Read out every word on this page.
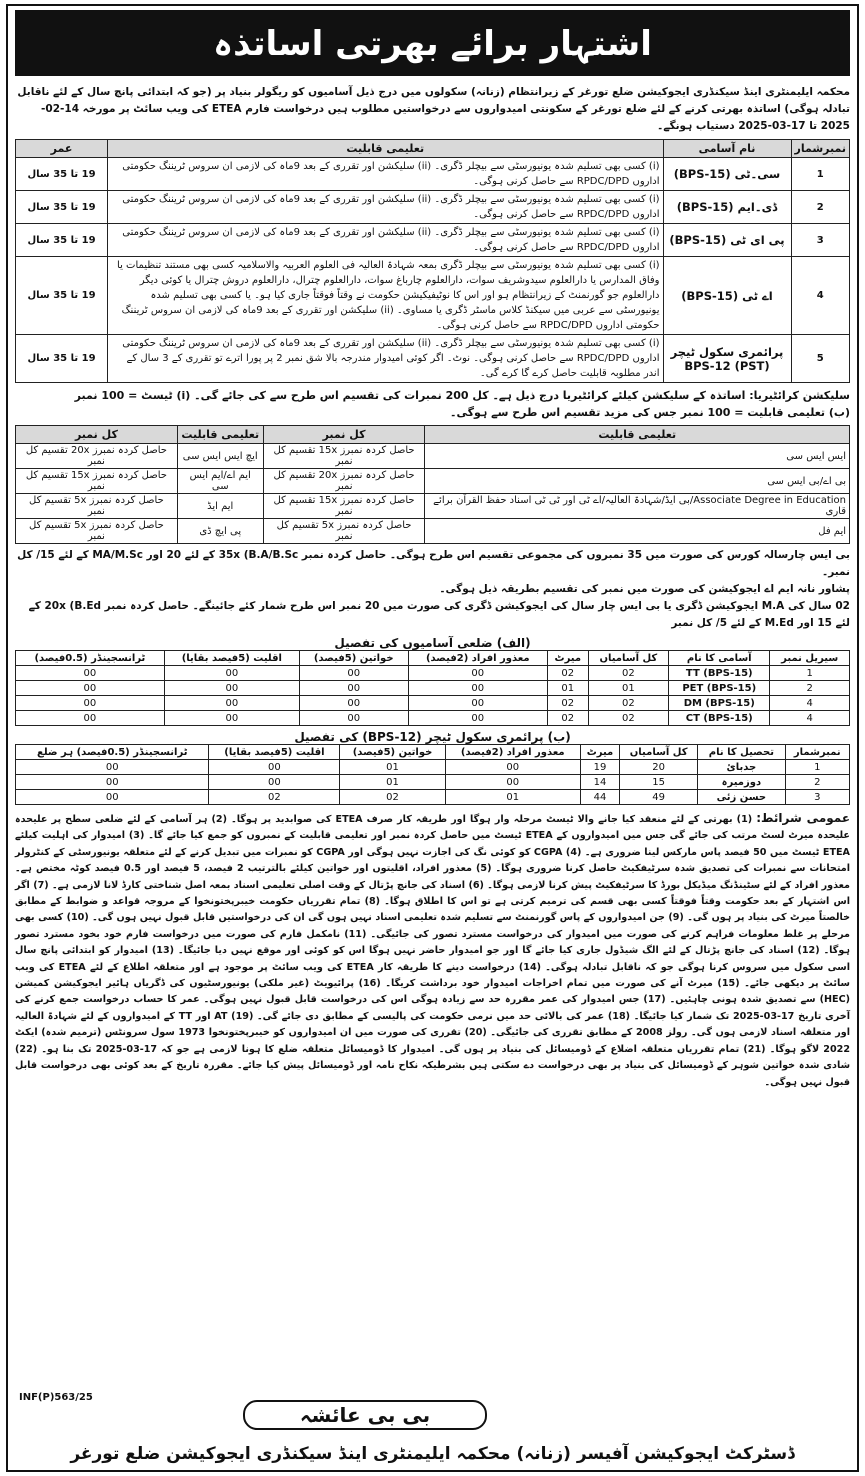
اشتہار برائے بھرتی اساتذہ

محکمہ ایلیمنٹری اینڈ سیکنڈری ایجوکیشن ضلع تورغر کے زیرانتظام (زنانہ) سکولوں میں درج ذیل آسامیوں کو ریگولر بنیاد پر (جو کہ ابتدائی پانچ سال کے لئے ناقابل تبادلہ ہوگی) اساتذہ بھرتی کرنے کے لئے ضلع تورغر کے سکونتی امیدواروں سے درخواستیں مطلوب ہیں درخواست فارم ETEA کی ویب سائٹ پر مورخہ 14-02-2025 تا 17-03-2025 دستیاب ہونگے۔

نمبرشمار	نام آسامی	تعلیمی قابلیت	عمر
1	سی۔ٹی (BPS-15)	(i) کسی بھی تسلیم شدہ یونیورسٹی سے بیچلر ڈگری۔ (ii) سلیکشن اور تقرری کے بعد 9ماہ کی لازمی ان سروس ٹریننگ حکومتی اداروں RPDC/DPD سے حاصل کرنی ہوگی۔	19 تا 35 سال
2	ڈی۔ایم (BPS-15)	(i) کسی بھی تسلیم شدہ یونیورسٹی سے بیچلر ڈگری۔ (ii) سلیکشن اور تقرری کے بعد 9ماہ کی لازمی ان سروس ٹریننگ حکومتی اداروں RPDC/DPD سے حاصل کرنی ہوگی۔	19 تا 35 سال
3	پی ای ٹی (BPS-15)	(i) کسی بھی تسلیم شدہ یونیورسٹی سے بیچلر ڈگری۔ (ii) سلیکشن اور تقرری کے بعد 9ماہ کی لازمی ان سروس ٹریننگ حکومتی اداروں RPDC/DPD سے حاصل کرنی ہوگی۔	19 تا 35 سال
4	اے ٹی (BPS-15)	(i) کسی بھی تسلیم شدہ یونیورسٹی سے بیچلر ڈگری بمعہ شہادۃ العالیہ فی العلوم العربیہ والاسلامیہ کسی بھی مستند تنظیمات یا وفاق المدارس یا دارالعلوم سیدوشریف سوات، دارالعلوم چارباغ سوات، دارالعلوم چترال، دارالعلوم دروش چترال یا کوئی دیگر دارالعلوم جو گورنمنٹ کے زیرانتظام ہو اور اس کا نوٹیفیکیشن حکومت نے وقتاً فوقتاً جاری کیا ہو۔ یا کسی بھی تسلیم شدہ یونیورسٹی سے عربی میں سیکنڈ کلاس ماسٹر ڈگری یا مساوی۔ (ii) سلیکشن اور تقرری کے بعد 9ماہ کی لازمی ان سروس ٹریننگ حکومتی اداروں RPDC/DPD سے حاصل کرنی ہوگی۔	19 تا 35 سال
5	پرائمری سکول ٹیچر BPS-12 (PST)	(i) کسی بھی تسلیم شدہ یونیورسٹی سے بیچلر ڈگری۔ (ii) سلیکشن اور تقرری کے بعد 9ماہ کی لازمی ان سروس ٹریننگ حکومتی اداروں RPDC/DPD سے حاصل کرنی ہوگی۔ نوٹ۔ اگر کوئی امیدوار مندرجہ بالا شق نمبر 2 پر پورا اترے تو تقرری کے 3 سال کے اندر مطلوبہ قابلیت حاصل کرے گا کرے گی۔	19 تا 35 سال
سلیکشن کرائٹیریا: اساتذہ کے سلیکشن کیلئے کرائٹیریا درج ذیل ہے۔ کل 200 نمبرات کی تقسیم اس طرح سے کی جائے گی۔ (i) ٹیسٹ = 100 نمبر
(ب) تعلیمی قابلیت = 100 نمبر جس کی مزید تقسیم اس طرح سے ہوگی۔
تعلیمی قابلیت	کل نمبر	تعلیمی قابلیت	کل نمبر
ایس ایس سی	حاصل کردہ نمبرز 15x تقسیم کل نمبر	ایچ ایس ایس سی	حاصل کردہ نمبرز 20x تقسیم کل نمبر
بی اے/بی ایس سی	حاصل کردہ نمبرز 20x تقسیم کل نمبر	ایم اے/ایم ایس سی	حاصل کردہ نمبرز 15x تقسیم کل نمبر
Associate Degree in Education/بی ایڈ/شہادۃ العالیہ/اے ٹی اور ٹی ٹی اسناد حفظ القرآن برائے قاری	حاصل کردہ نمبرز 15x تقسیم کل نمبر	ایم ایڈ	حاصل کردہ نمبرز 5x تقسیم کل نمبر
ایم فل	حاصل کردہ نمبرز 5x تقسیم کل نمبر	پی ایچ ڈی	حاصل کردہ نمبرز 5x تقسیم کل نمبر
بی ایس چارسالہ کورس کی صورت میں 35 نمبروں کی مجموعی تقسیم اس طرح ہوگی۔ حاصل کردہ نمبر 35x (B.A/B.Sc کے لئے 20 اور MA/M.Sc کے لئے 15/ کل نمبر۔
پشاور نانہ ایم اے ایجوکیشن کی صورت میں نمبر کی تقسیم بطریقہ ذیل ہوگی۔
02 سال کی M.A ایجوکیشن ڈگری یا بی ایس چار سال کی ایجوکیشن ڈگری کی صورت میں 20 نمبر اس طرح شمار کئے جائینگے۔ حاصل کردہ نمبر 20x (B.Ed کے لئے 15 اور M.Ed کے لئے 5/ کل نمبر
(الف) ضلعی آسامیوں کی تفصیل
سیریل نمبر	آسامی کا نام	کل آسامیاں	میرٹ	معذور افراد (2فیصد)	خواتین (5فیصد)	اقلیت (5فیصد بقایا)	ٹرانسجینڈر (0.5فیصد)
1	TT (BPS-15)	02	02	00	00	00	00
2	PET (BPS-15)	01	01	00	00	00	00
4	DM (BPS-15)	02	02	00	00	00	00
4	CT (BPS-15)	02	02	00	00	00	00
(ب) پرائمری سکول ٹیچر (BPS-12) کی تفصیل
نمبرشمار	تحصیل کا نام	کل آسامیاں	میرٹ	معذور افراد (2فیصد)	خواتین (5فیصد)	اقلیت (5فیصد بقایا)	ٹرانسجینڈر (0.5فیصد) ہر ضلع
1	جدبائ	20	19	00	01	00	00
2	دوزمیرہ	15	14	00	01	00	00
3	حسن زئی	49	44	01	02	02	00

عمومی شرائط: (1) بھرتی کے لئے منعقد کیا جانے والا ٹیسٹ مرحلہ وار ہوگا اور طریقہ کار صرف ETEA کی صوابدید پر ہوگا۔ (2) ہر آسامی کے لئے ضلعی سطح پر علیحدہ علیحدہ میرٹ لسٹ مرتب کی جائے گی جس میں امیدواروں کے ETEA ٹیسٹ میں حاصل کردہ نمبر اور تعلیمی قابلیت کے نمبروں کو جمع کیا جائے گا۔ (3) امیدوار کی اہلیت کیلئے ETEA ٹیسٹ میں 50 فیصد پاس مارکس لینا ضروری ہے۔ (4) CGPA کو کوئی نگ کی اجازت نہیں ہوگی اور CGPA کو نمبرات میں تبدیل کرنے کے لئے متعلقہ یونیورسٹی کے کنٹرولر امتحانات سے نمبرات کی تصدیق شدہ سرٹیفکیٹ حاصل کرنا ضروری ہوگا۔ (5) معذور افراد، اقلیتوں اور خواتین کیلئے بالترتیب 2 فیصد، 5 فیصد اور 0.5 فیصد کوٹہ مختص ہے۔ معذور افراد کے لئے سٹینڈنگ میڈیکل بورڈ کا سرٹیفکیٹ پیش کرنا لازمی ہوگا۔ (6) اسناد کی جانچ پڑتال کے وقت اصلی تعلیمی اسناد بمعہ اصل شناختی کارڈ لانا لازمی ہے۔ (7) اگر اس اشتہار کے بعد حکومت وقتاً فوقتاً کسی بھی قسم کی ترمیم کرتی ہے تو اس کا اطلاق ہوگا۔ (8) تمام تقرریاں حکومت خیبرپختونخوا کے مروجہ قواعد و ضوابط کے مطابق خالصتاً میرٹ کی بنیاد پر ہوں گی۔ (9) جن امیدواروں کے پاس گورنمنٹ سے تسلیم شدہ تعلیمی اسناد نہیں ہوں گی ان کی درخواستیں قابل قبول نہیں ہوں گی۔ (10) کسی بھی مرحلے پر غلط معلومات فراہم کرنے کی صورت میں امیدوار کی درخواست مسترد تصور کی جائیگی۔ (11) نامکمل فارم کی صورت میں درخواست فارم خود بخود مسترد تصور ہوگا۔ (12) اسناد کی جانچ پڑتال کے لئے الگ شیڈول جاری کیا جائے گا اور جو امیدوار حاضر نہیں ہوگا اس کو کوئی اور موقع نہیں دیا جائیگا۔ (13) امیدوار کو ابتدائی پانچ سال اسی سکول میں سروس کرنا ہوگی جو کہ ناقابل تبادلہ ہوگی۔ (14) درخواست دینے کا طریقہ کار ETEA کی ویب سائٹ پر موجود ہے اور متعلقہ اطلاع کے لئے ETEA کی ویب سائٹ پر دیکھی جائے۔ (15) میرٹ آنے کی صورت میں تمام اخراجات امیدوار خود برداشت کریگا۔ (16) پرائیویٹ (غیر ملکی) یونیورسٹیوں کی ڈگریاں ہائیر ایجوکیشن کمیشن (HEC) سے تصدیق شدہ ہونی چاہئیں۔ (17) جس امیدوار کی عمر مقررہ حد سے زیادہ ہوگی اس کی درخواست قابل قبول نہیں ہوگی۔ عمر کا حساب درخواست جمع کرنے کی آخری تاریخ 17-03-2025 تک شمار کیا جائیگا۔ (18) عمر کی بالائی حد میں نرمی حکومت کی پالیسی کے مطابق دی جائے گی۔ (19) AT اور TT کے امیدواروں کے لئے شہادۃ العالیہ اور متعلقہ اسناد لازمی ہوں گی۔ رولز 2008 کے مطابق تقرری کی جائیگی۔ (20) تقرری کی صورت میں ان امیدواروں کو خیبرپختونخوا 1973 سول سرونٹس (ترمیم شدہ) ایکٹ 2022 لاگو ہوگا۔ (21) تمام تقرریاں متعلقہ اضلاع کے ڈومیسائل کی بنیاد پر ہوں گی۔ امیدوار کا ڈومیسائل متعلقہ ضلع کا ہونا لازمی ہے جو کہ 17-03-2025 تک بنا ہو۔ (22) شادی شدہ خواتین شوہر کے ڈومیسائل کی بنیاد پر بھی درخواست دے سکتی ہیں بشرطیکہ نکاح نامہ اور ڈومیسائل پیش کیا جائے۔ مقررہ تاریخ کے بعد کوئی بھی درخواست قابل قبول نہیں ہوگی۔

INF(P)563/25
بی بی عائشہ
ڈسٹرکٹ ایجوکیشن آفیسر (زنانہ) محکمہ ایلیمنٹری اینڈ سیکنڈری ایجوکیشن ضلع تورغر
